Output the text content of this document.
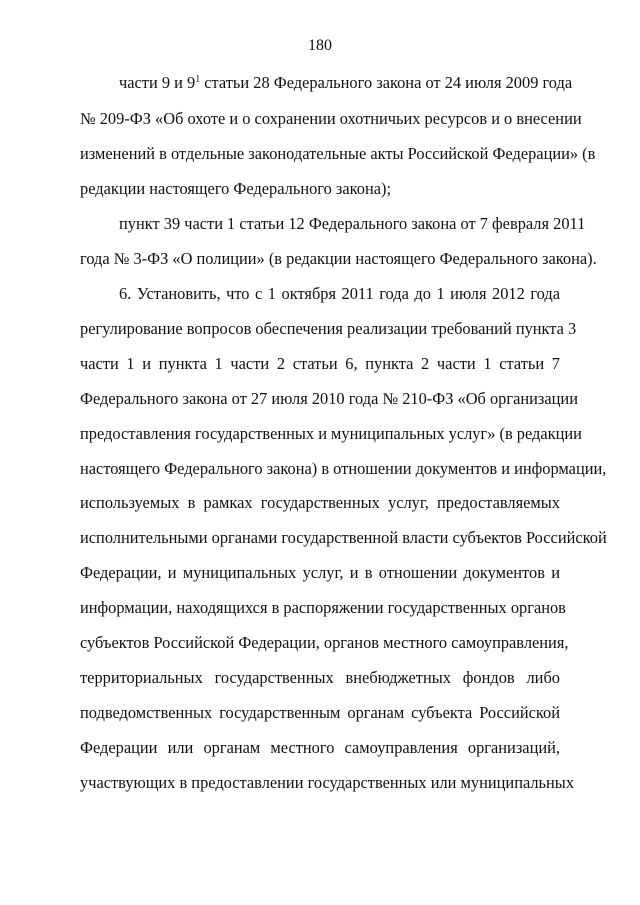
180
части 9 и $9^1$ статьи 28 Федерального закона от 24 июля 2009 года
№ 209-ФЗ «Об охоте и о сохранении охотничьих ресурсов и о внесении
изменений в отдельные законодательные акты Российской Федерации» (в
редакции настоящего Федерального закона);
пункт 39 части 1 статьи 12 Федерального закона от 7 февраля 2011
года № 3-ФЗ «О полиции» (в редакции настоящего Федерального закона).
6. Установить, что с 1 октября 2011 года до 1 июля 2012 года
регулирование вопросов обеспечения реализации требований пункта 3
части 1 и пункта 1 части 2 статьи 6, пункта 2 части 1 статьи 7
Федерального закона от 27 июля 2010 года № 210-ФЗ «Об организации
предоставления государственных и муниципальных услуг» (в редакции
настоящего Федерального закона) в отношении документов и информации,
используемых в рамках государственных услуг, предоставляемых
исполнительными органами государственной власти субъектов Российской
Федерации, и муниципальных услуг, и в отношении документов и
информации, находящихся в распоряжении государственных органов
субъектов Российской Федерации, органов местного самоуправления,
территориальных государственных внебюджетных фондов либо
подведомственных государственным органам субъекта Российской
Федерации или органам местного самоуправления организаций,
участвующих в предоставлении государственных или муниципальных
